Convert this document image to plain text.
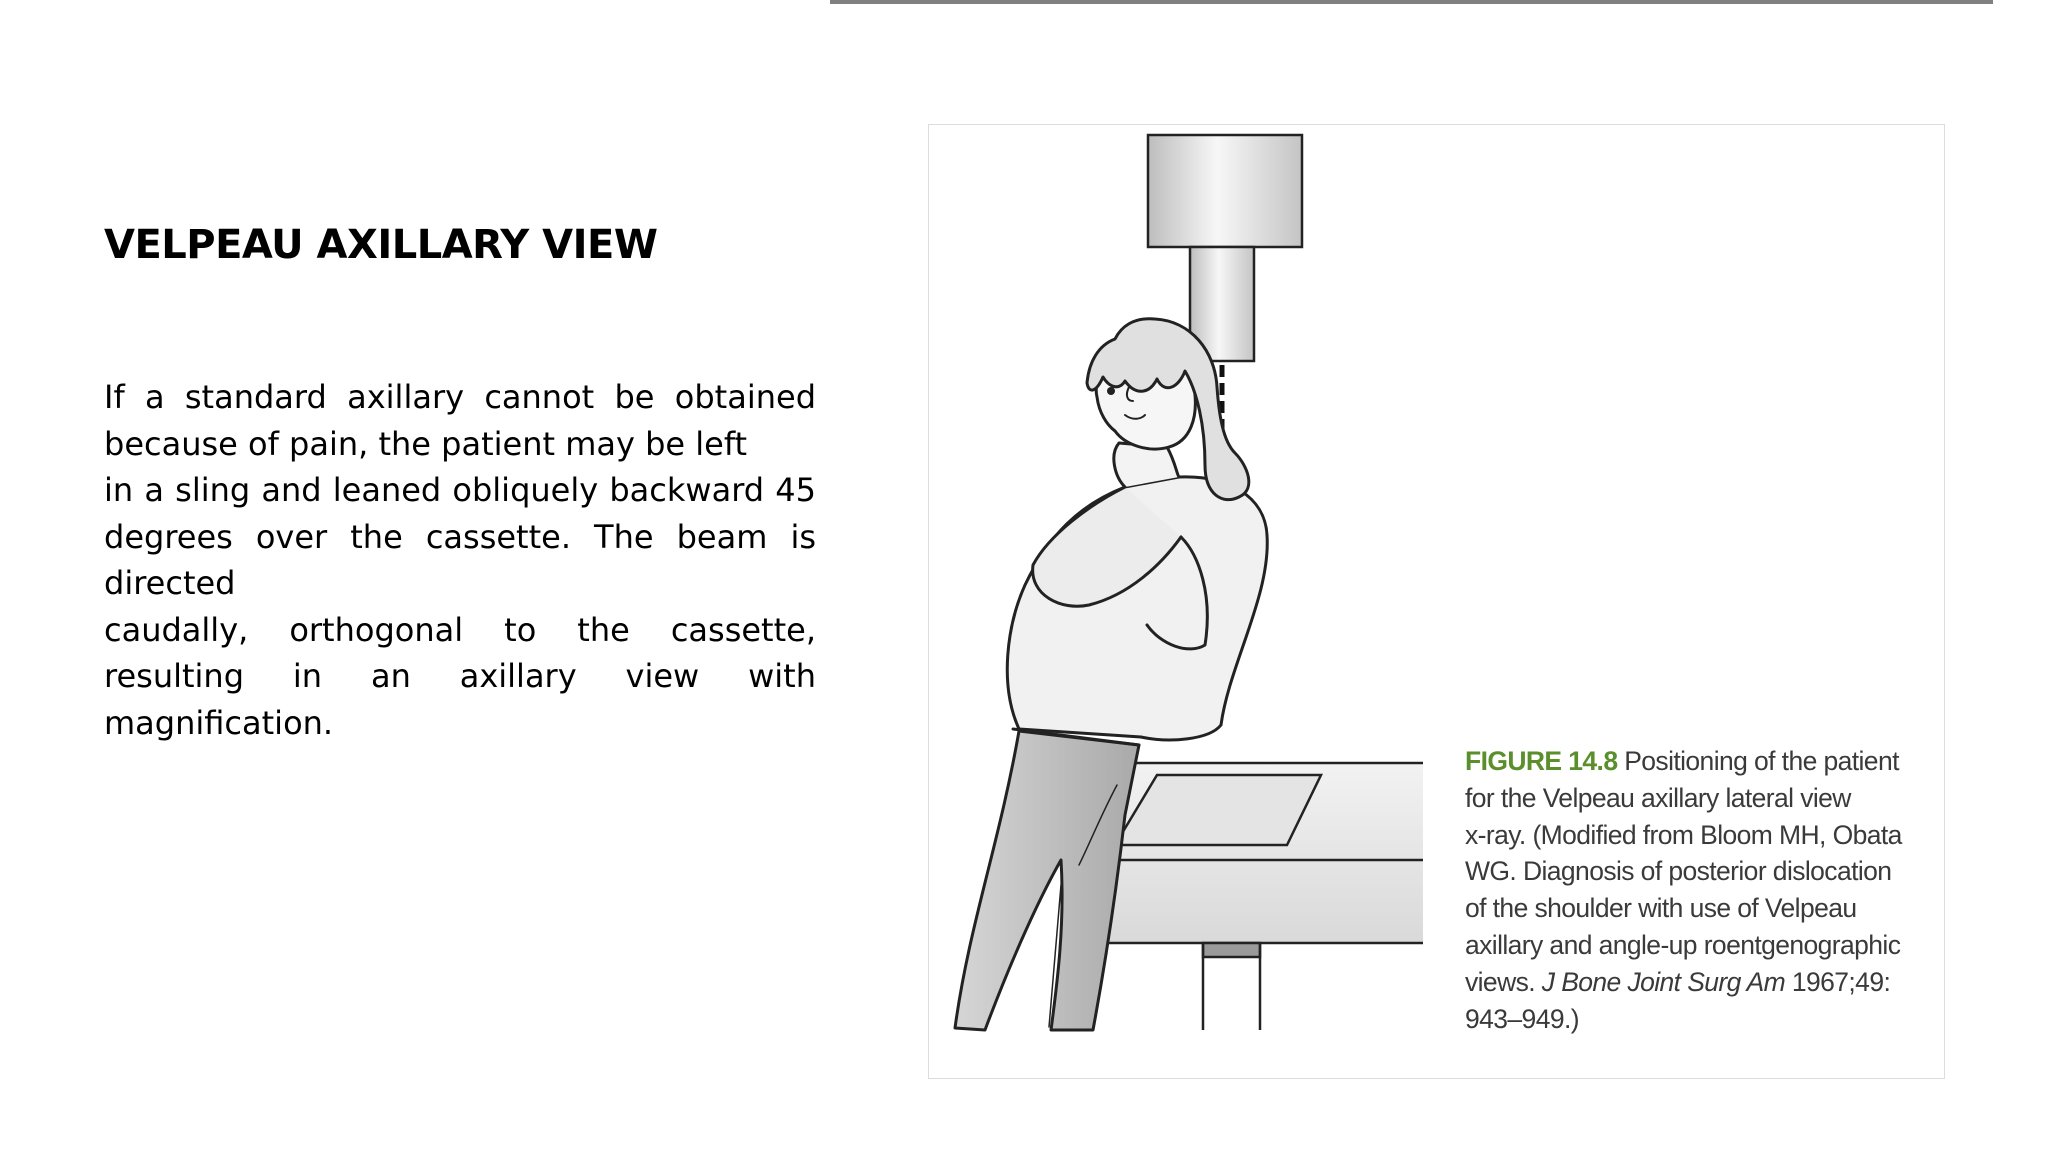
VELPEAU AXILLARY VIEW
If a standard axillary cannot be obtained
because of pain, the patient may be left
in a sling and leaned obliquely backward 45
degrees over the cassette. The beam is
directed
caudally, orthogonal to the cassette,
resulting in an axillary view with
magnification.
FIGURE 14.8 Positioning of the patient
for the Velpeau axillary lateral view
x-ray. (Modified from Bloom MH, Obata
WG. Diagnosis of posterior dislocation
of the shoulder with use of Velpeau
axillary and angle-up roentgenographic
views. J Bone Joint Surg Am 1967;49:
943–949.)
